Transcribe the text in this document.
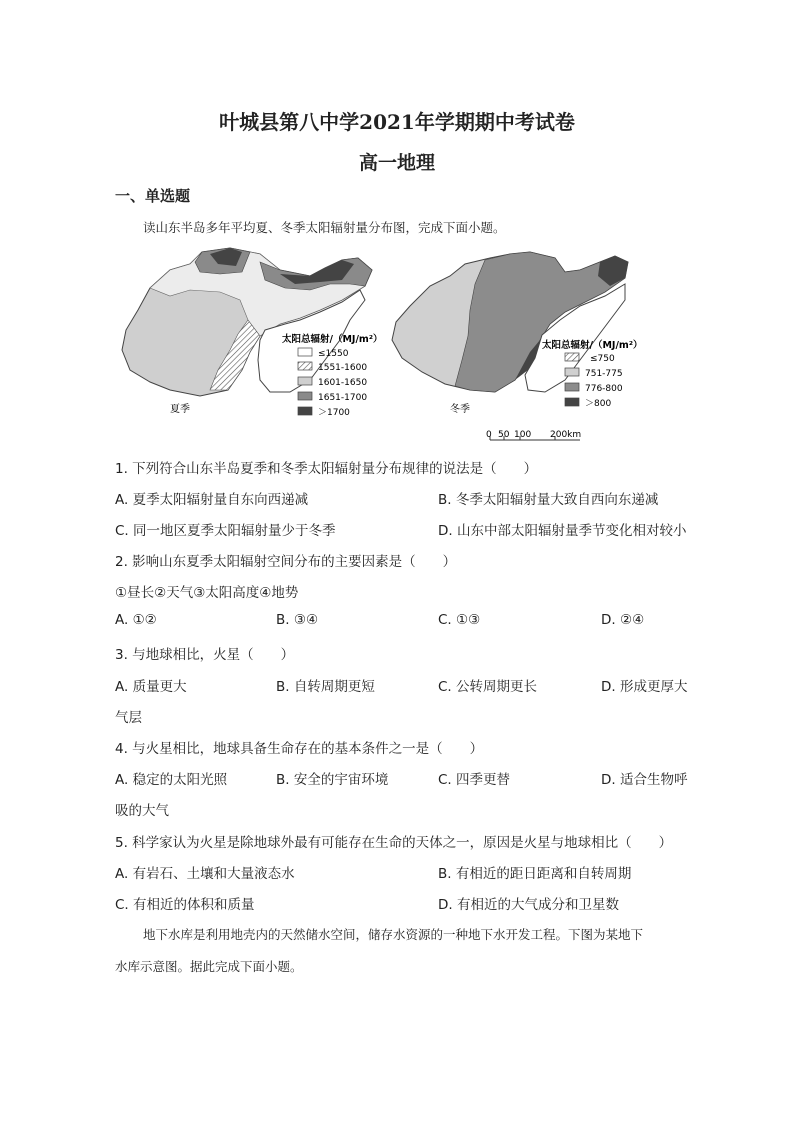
叶城县第八中学2021年学期期中考试卷
高一地理
一、单选题
读山东半岛多年平均夏、冬季太阳辐射量分布图，完成下面小题。
夏季
太阳总辐射/（MJ/m²）
≤1550
1551-1600
1601-1650
1651-1700
＞1700	冬季
太阳总辐射/（MJ/m²）
≤750
751-775
776-800
＞800
0 50 100 200km
1. 下列符合山东半岛夏季和冬季太阳辐射量分布规律的说法是（　　）
A. 夏季太阳辐射量自东向西递减	B. 冬季太阳辐射量大致自西向东递减
C. 同一地区夏季太阳辐射量少于冬季	D. 山东中部太阳辐射量季节变化相对较小
2. 影响山东夏季太阳辐射空间分布的主要因素是（　　）
①昼长②天气③太阳高度④地势
A. ①②	B. ③④	C. ①③	D. ②④
3. 与地球相比，火星（　　）
A. 质量更大	B. 自转周期更短	C. 公转周期更长	D. 形成更厚大
气层
4. 与火星相比，地球具备生命存在的基本条件之一是（　　）
A. 稳定的太阳光照	B. 安全的宇宙环境	C. 四季更替	D. 适合生物呼
吸的大气
5. 科学家认为火星是除地球外最有可能存在生命的天体之一，原因是火星与地球相比（　　）
A. 有岩石、土壤和大量液态水	B. 有相近的距日距离和自转周期
C. 有相近的体积和质量	D. 有相近的大气成分和卫星数
地下水库是利用地壳内的天然储水空间，储存水资源的一种地下水开发工程。下图为某地下
水库示意图。据此完成下面小题。
